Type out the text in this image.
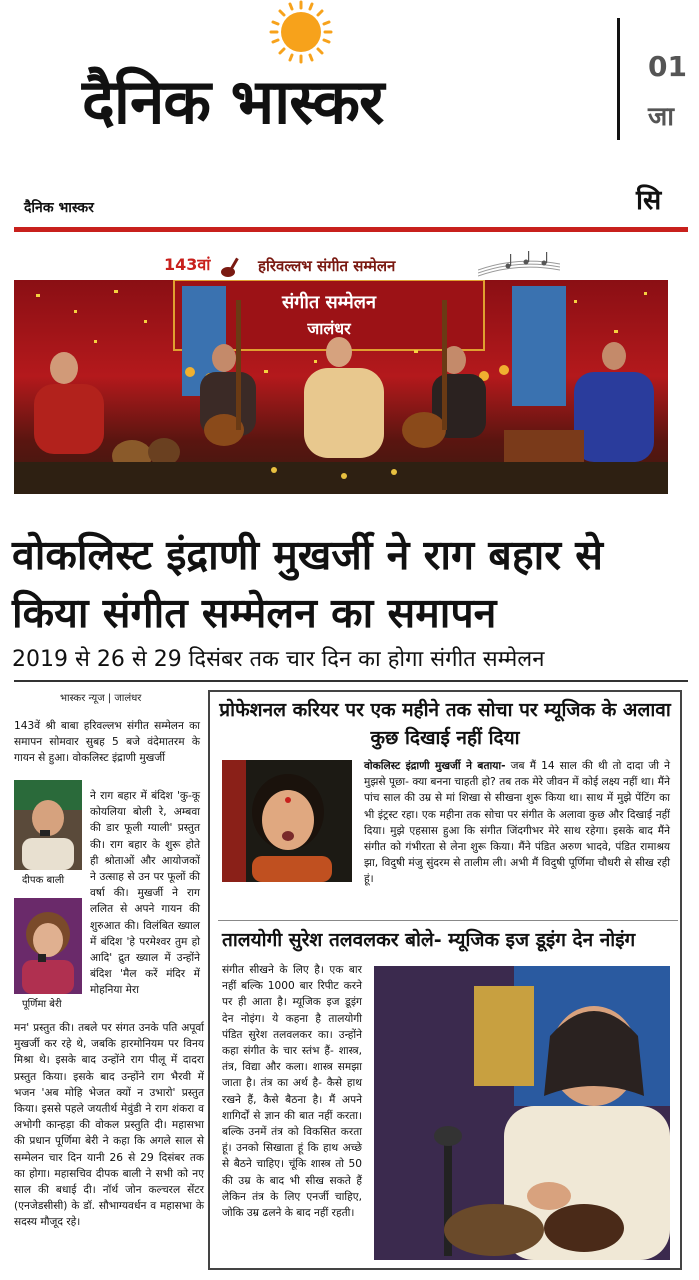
दैनिक भास्कर	01
जा
दैनिक भास्कर	सि
143वां	हरिवल्लभ संगीत सम्मेलन
संगीत सम्मेलन
जालंधर
वोकलिस्ट इंद्राणी मुखर्जी ने राग बहार से किया संगीत सम्मेलन का समापन
2019 से 26 से 29 दिसंबर तक चार दिन का होगा संगीत सम्मेलन
भास्कर न्यूज | जालंधर
143वें श्री बाबा हरिवल्लभ संगीत सम्मेलन का समापन सोमवार सुबह 5 बजे वंदेमातरम के गायन से हुआ। वोकलिस्ट इंद्राणी मुखर्जी
दीपक बाली
पूर्णिमा बेरी
ने राग बहार में बंदिश 'कु-कू कोयलिया बोली रे, अम्बवा की डार फूली ग्याली' प्रस्तुत की। राग बहार के शुरू होते ही श्रोताओं और आयोजकों ने उत्साह से उन पर फूलों की वर्षा की। मुखर्जी ने राग ललित से अपने गायन की शुरुआत की। विलंबित ख्याल में बंदिश 'हे परमेश्वर तुम हो आदि' द्रुत ख्याल में उन्होंने बंदिश 'मैल करें मंदिर में मोहनिया मेरा
मन' प्रस्तुत की। तबले पर संगत उनके पति अपूर्वा मुखर्जी कर रहे थे, जबकि हारमोनियम पर विनय मिश्रा थे। इसके बाद उन्होंने राग पीलू में दादरा प्रस्तुत किया। इसके बाद उन्होंने राग भैरवी में भजन 'अब मोहि भेजत क्यों न उभारो' प्रस्तुत किया। इससे पहले जयतीर्थ मेवुंडी ने राग शंकरा व अभोगी कान्हड़ा की वोकल प्रस्तुति दी। महासभा की प्रधान पूर्णिमा बेरी ने कहा कि अगले साल से सम्मेलन चार दिन यानी 26 से 29 दिसंबर तक का होगा। महासचिव दीपक बाली ने सभी को नए साल की बधाई दी। नॉर्थ जोन कल्चरल सेंटर (एनजेडसीसी) के डॉ. सौभाग्यवर्धन व महासभा के सदस्य मौजूद रहे।
प्रोफेशनल करियर पर एक महीने तक सोचा पर म्यूजिक के अलावा कुछ दिखाई नहीं दिया
वोकलिस्ट इंद्राणी मुखर्जी ने बताया- जब मैं 14 साल की थी तो दादा जी ने मुझसे पूछा- क्या बनना चाहती हो? तब तक मेरे जीवन में कोई लक्ष्य नहीं था। मैंने पांच साल की उम्र से मां शिखा से सीखना शुरू किया था। साथ में मुझे पेंटिंग का भी इंट्रस्ट रहा। एक महीना तक सोचा पर संगीत के अलावा कुछ और दिखाई नहीं दिया। मुझे एहसास हुआ कि संगीत जिंदगीभर मेरे साथ रहेगा। इसके बाद मैंने संगीत को गंभीरता से लेना शुरू किया। मैंने पंडित अरुण भादवे, पंडित रामाश्रय झा, विदुषी मंजु सुंदरम से तालीम ली। अभी मैं विदुषी पूर्णिमा चौधरी से सीख रही हूं।
तालयोगी सुरेश तलवलकर बोले- म्यूजिक इज डूइंग देन नोइंग
संगीत सीखने के लिए है। एक बार नहीं बल्कि 1000 बार रिपीट करने पर ही आता है। म्यूजिक इज डूइंग देन नोइंग। ये कहना है तालयोगी पंडित सुरेश तलवलकर का। उन्होंने कहा संगीत के चार स्तंभ हैं- शास्त्र, तंत्र, विद्या और कला। शास्त्र समझा जाता है। तंत्र का अर्थ है- कैसे हाथ रखने हैं, कैसे बैठना है। मैं अपने शागिर्दों से ज्ञान की बात नहीं करता। बल्कि उनमें तंत्र को विकसित करता हूं। उनको सिखाता हूं कि हाथ अच्छे से बैठने चाहिए। चूंकि शास्त्र तो 50 की उम्र के बाद भी सीख सकते हैं लेकिन तंत्र के लिए एनर्जी चाहिए, जोकि उम्र ढलने के बाद नहीं रहती।
